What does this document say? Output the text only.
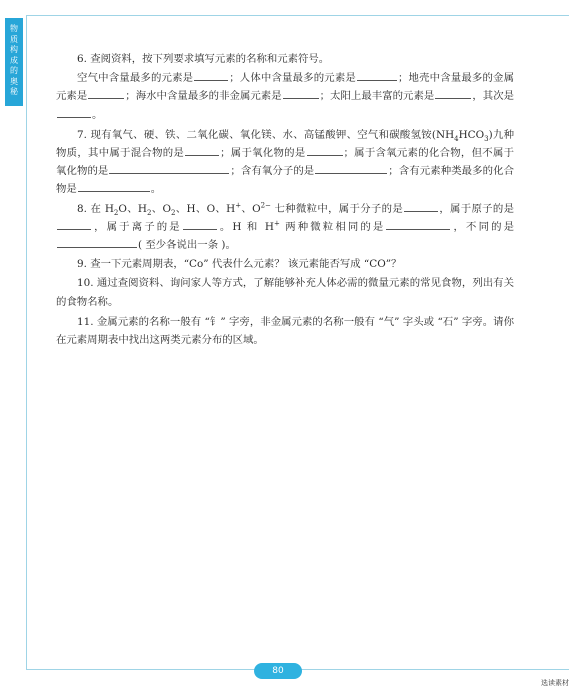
物
质
构
成
的
奥
秘

6. 查阅资料，按下列要求填写元素的名称和元素符号。

空气中含量最多的元素是	；人体中含量最多的元素是	；地壳中含量最多的金属元素是	；海水中含量最多的非金属元素是	；太阳上最丰富的元素是	，其次是。

7. 现有氧气、硬、铁、二氧化碳、氧化镁、水、高锰酸钾、空气和碳酸氢铵$(NH_4HCO_3)$九种物质，其中属于混合物的是	；属于氧化物的是	；属于含氧元素的化合物，但不属于氧化物的是	；含有氧分子的是	；含有元素种类最多的化合物是	。

8. 在 $H_2O$、$H_2$、$O_2$、H、O、H+、$O^{2-}$ 七种微粒中，属于分子的是	，属于原子的是，属于离子的是	。H 和 H+ 两种微粒相同的是	，不同的是( 至少各说出一条 )。

9. 查一下元素周期表，“Co” 代表什么元素？ 该元素能否写成 “CO”？

10. 通过查阅资料、询问家人等方式，了解能够补充人体必需的微量元素的常见食物，列出有关的食物名称。

11. 金属元素的名称一般有 “钅” 字旁，非金属元素的名称一般有 “气” 字头或 “石” 字旁。请你在元素周期表中找出这两类元素分布的区域。

80
选读素材
